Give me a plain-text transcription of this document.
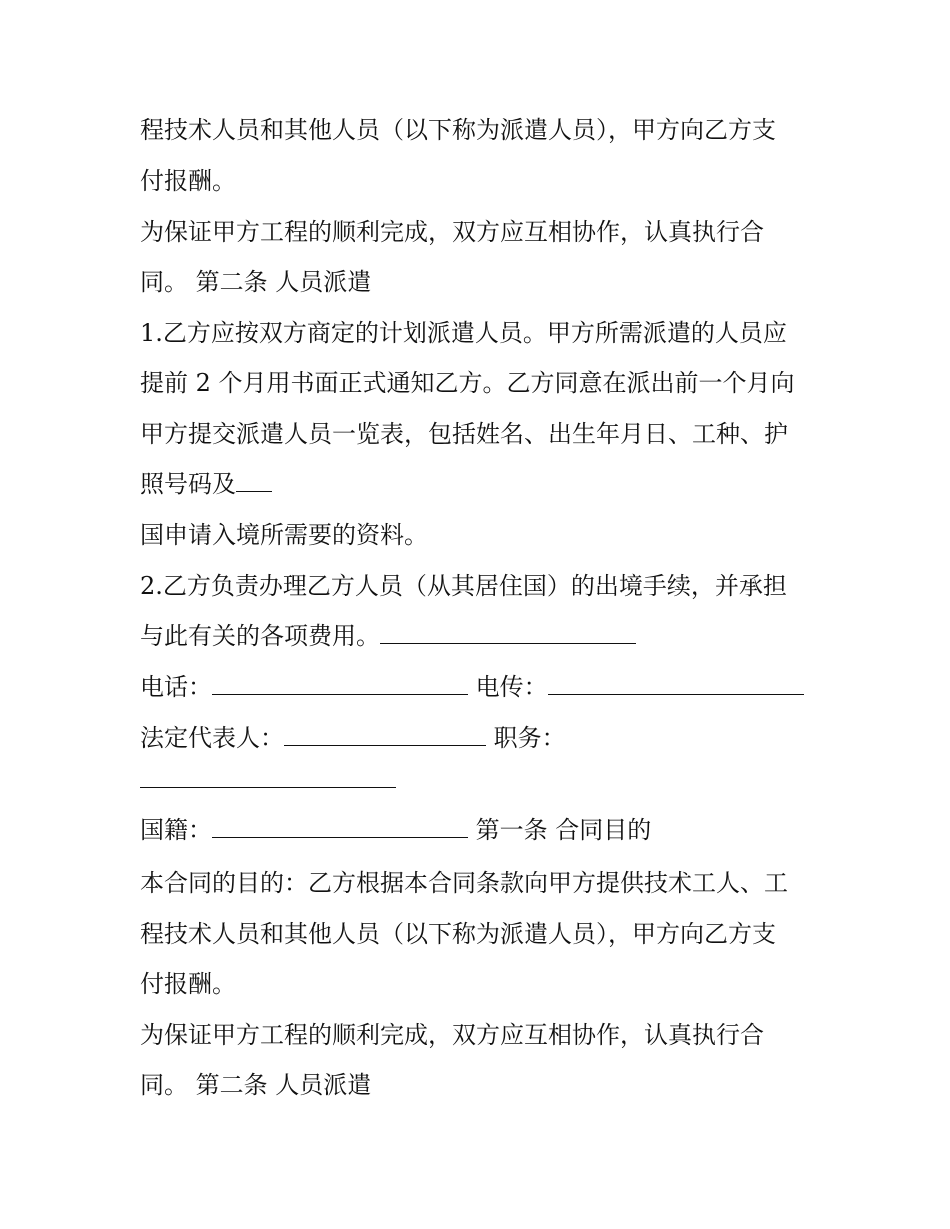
程技术人员和其他人员（以下称为派遣人员），甲方向乙方支
付报酬。
为保证甲方工程的顺利完成，双方应互相协作，认真执行合
同。 第二条 人员派遣
1.乙方应按双方商定的计划派遣人员。甲方所需派遣的人员应
提前 2 个月用书面正式通知乙方。乙方同意在派出前一个月向
甲方提交派遣人员一览表，包括姓名、出生年月日、工种、护
照号码及
国申请入境所需要的资料。
2.乙方负责办理乙方人员（从其居住国）的出境手续，并承担
与此有关的各项费用。
电话：	电传：
法定代表人：	职务：
国籍：	第一条 合同目的
本合同的目的：乙方根据本合同条款向甲方提供技术工人、工
程技术人员和其他人员（以下称为派遣人员），甲方向乙方支
付报酬。
为保证甲方工程的顺利完成，双方应互相协作，认真执行合
同。 第二条 人员派遣
